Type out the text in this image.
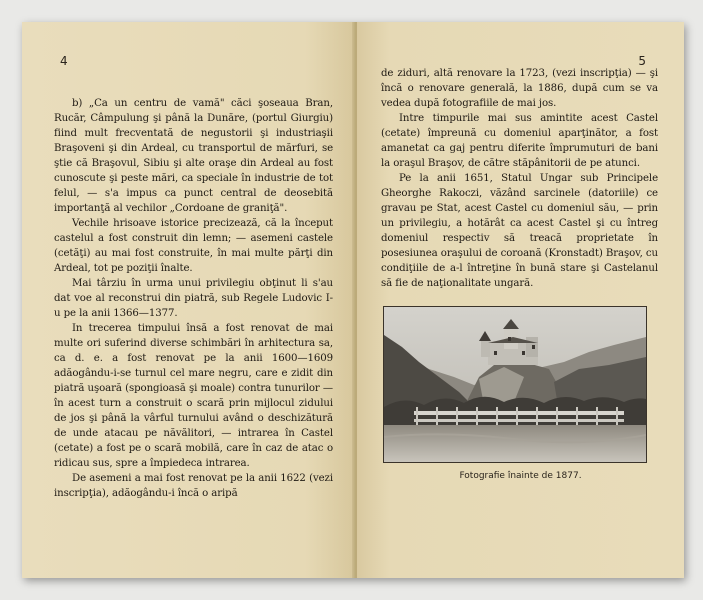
4

b) „Ca un centru de vamă" căci şoseaua Bran, Rucăr, Câmpulung şi până la Dunăre, (portul Giurgiu) fiind mult frecventată de negustorii şi industriaşii Braşoveni şi din Ardeal, cu transportul de mărfuri, se ştie că Braşovul, Sibiu şi alte oraşe din Ardeal au fost cunoscute şi peste mări, ca speciale în industrie de tot felul, — s'a impus ca punct central de deosebită importanţă al vechilor „Cordoane de graniţă".

Vechile hrisoave istorice precizează, că la început castelul a fost construit din lemn; — asemeni castele (cetăţi) au mai fost construite, în mai multe părţi din Ardeal, tot pe poziţii înalte.

Mai târziu în urma unui privilegiu obţinut li s'au dat voe al reconstrui din piatră, sub Regele Ludovic I-u pe la anii 1366—1377.

In trecerea timpului însă a fost renovat de mai multe ori suferind diverse schimbări în arhitectura sa, ca d. e. a fost renovat pe la anii 1600—1609 adăogându-i-se turnul cel mare negru, care e zidit din piatră uşoară (spongioasă şi moale) contra tunurilor — în acest turn a construit o scară prin mijlocul zidului de jos şi până la vârful turnului având o deschizătură de unde atacau pe năvălitori, — intrarea în Castel (cetate) a fost pe o scară mobilă, care în caz de atac o ridicau sus, spre a împiedeca intrarea.

De asemeni a mai fost renovat pe la anii 1622 (vezi inscripţia), adăogându-i încă o aripă

5

de ziduri, altă renovare la 1723, (vezi inscripţia) — şi încă o renovare generală, la 1886, după cum se va vedea după fotografiile de mai jos.

Intre timpurile mai sus amintite acest Castel (cetate) împreună cu domeniul aparţinător, a fost amanetat ca gaj pentru diferite împrumuturi de bani la oraşul Braşov, de către stăpânitorii de pe atunci.

Pe la anii 1651, Statul Ungar sub Principele Gheorghe Rakoczi, văzând sarcinele (datoriile) ce gravau pe Stat, acest Castel cu domeniul său, — prin un privilegiu, a hotărât ca acest Castel şi cu întreg domeniul respectiv să treacă proprietate în posesiunea oraşului de coroană (Kronstadt) Braşov, cu condiţiile de a-l întreţine în bună stare şi Castelanul să fie de naţionalitate ungară.

Fotografie înainte de 1877.
